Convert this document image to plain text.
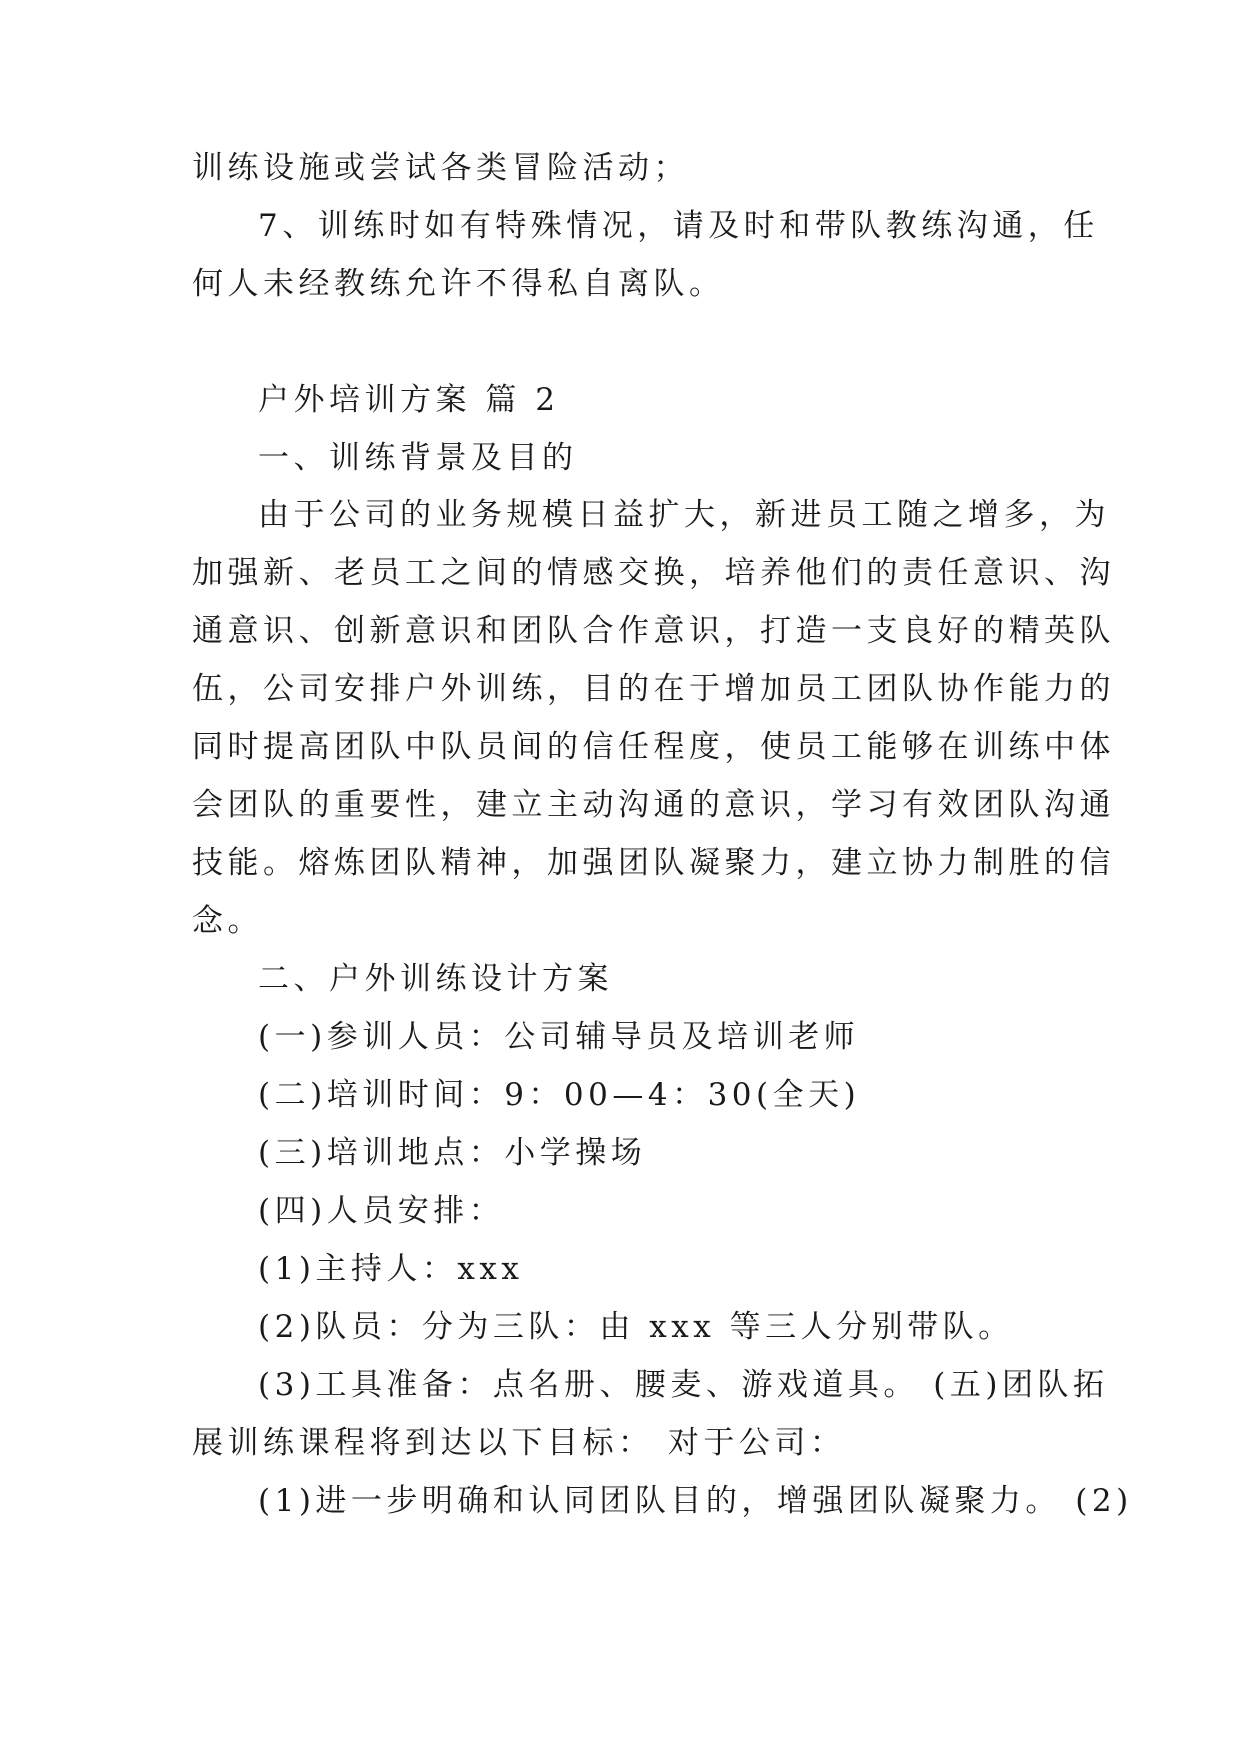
训练设施或尝试各类冒险活动；
7、训练时如有特殊情况，请及时和带队教练沟通，任
何人未经教练允许不得私自离队。
户外培训方案 篇 2
一、训练背景及目的
由于公司的业务规模日益扩大，新进员工随之增多，为
加强新、老员工之间的情感交换，培养他们的责任意识、沟
通意识、创新意识和团队合作意识，打造一支良好的精英队
伍，公司安排户外训练，目的在于增加员工团队协作能力的
同时提高团队中队员间的信任程度，使员工能够在训练中体
会团队的重要性，建立主动沟通的意识，学习有效团队沟通
技能。熔炼团队精神，加强团队凝聚力，建立协力制胜的信
念。
二、户外训练设计方案
(一)参训人员：公司辅导员及培训老师
(二)培训时间：9：00—4：30(全天)
(三)培训地点：小学操场
(四)人员安排：
(1)主持人：xxx
(2)队员：分为三队：由 xxx 等三人分别带队。
(3)工具准备：点名册、腰麦、游戏道具。 (五)团队拓
展训练课程将到达以下目标： 对于公司：
(1)进一步明确和认同团队目的，增强团队凝聚力。 (2)
